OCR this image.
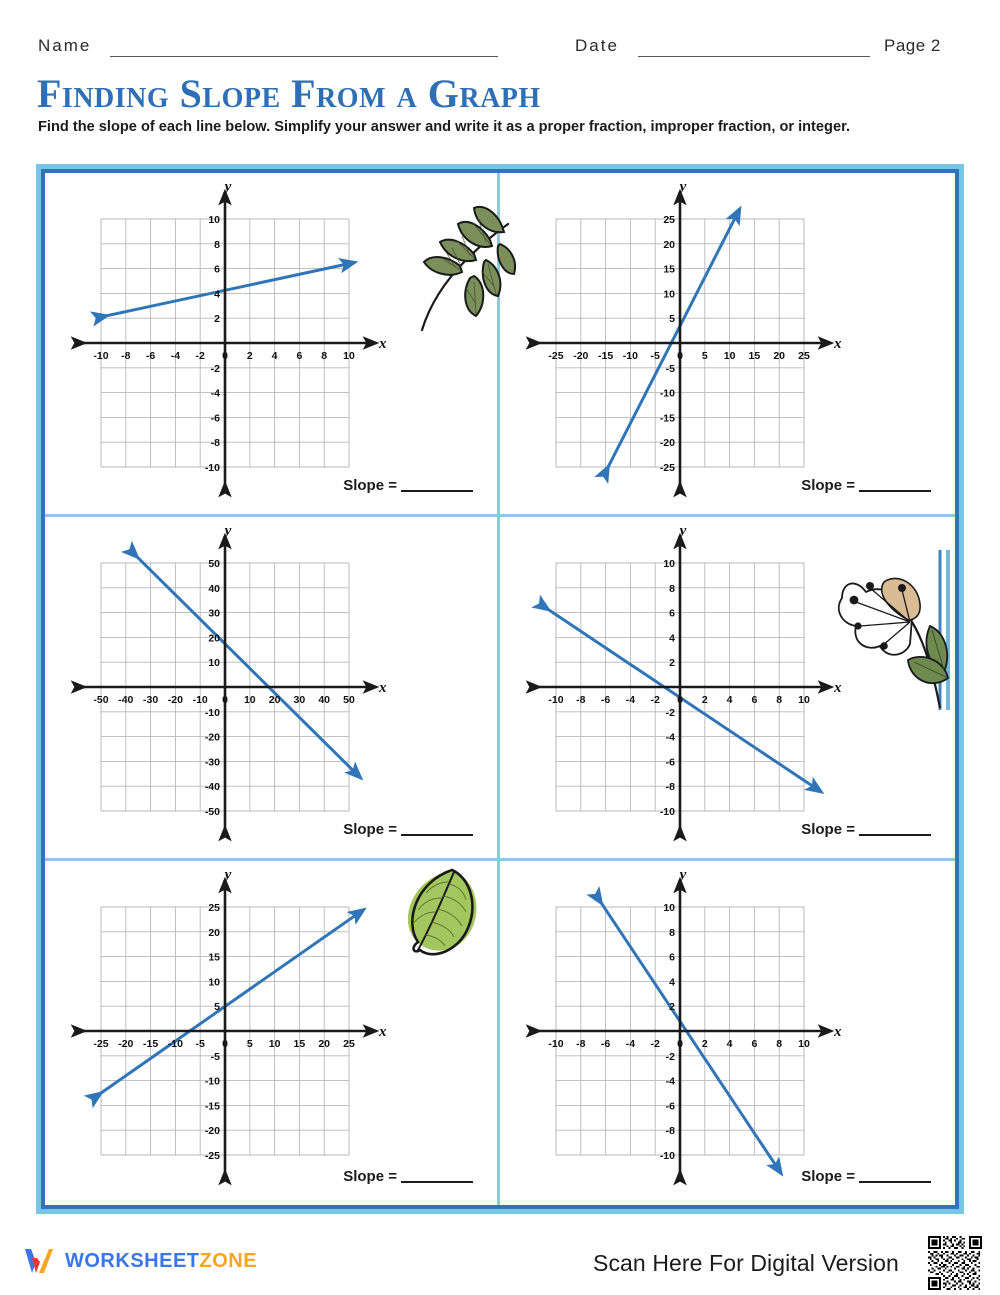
Name	Date	Page 2
Finding Slope From a Graph
Find the slope of each line below. Simplify your answer and write it as a proper fraction, improper fraction, or integer.
x
y
-10 -8 -6 -4 -2 0 2 4 6 8 10
-10
-8
-6
-4
-2
2
4
6
8
10
Slope =
x
y
-25 -20 -15 -10 -5 0 5 10 15 20 25
-25
-20
-15
-10
-5
5
10
15
20
25
Slope =
x
y
-50 -40 -30 -20 -10 0 10 20 30 40 50
-50
-40
-30
-20
-10
10
20
30
40
50
Slope =
x
y
-10 -8 -6 -4 -2 0 2 4 6 8 10
-10
-8
-6
-4
-2
2
4
6
8
10
Slope =
x
y
-25 -20 -15 -10 -5 0 5 10 15 20 25
-25
-20
-15
-10
-5
5
10
15
20
25
Slope =
x
y
-10 -8 -6 -4 -2 0 2 4 6 8 10
-10
-8
-6
-4
-2
2
4
6
8
10
Slope =
WORKSHEETZONE	Scan Here For Digital Version
